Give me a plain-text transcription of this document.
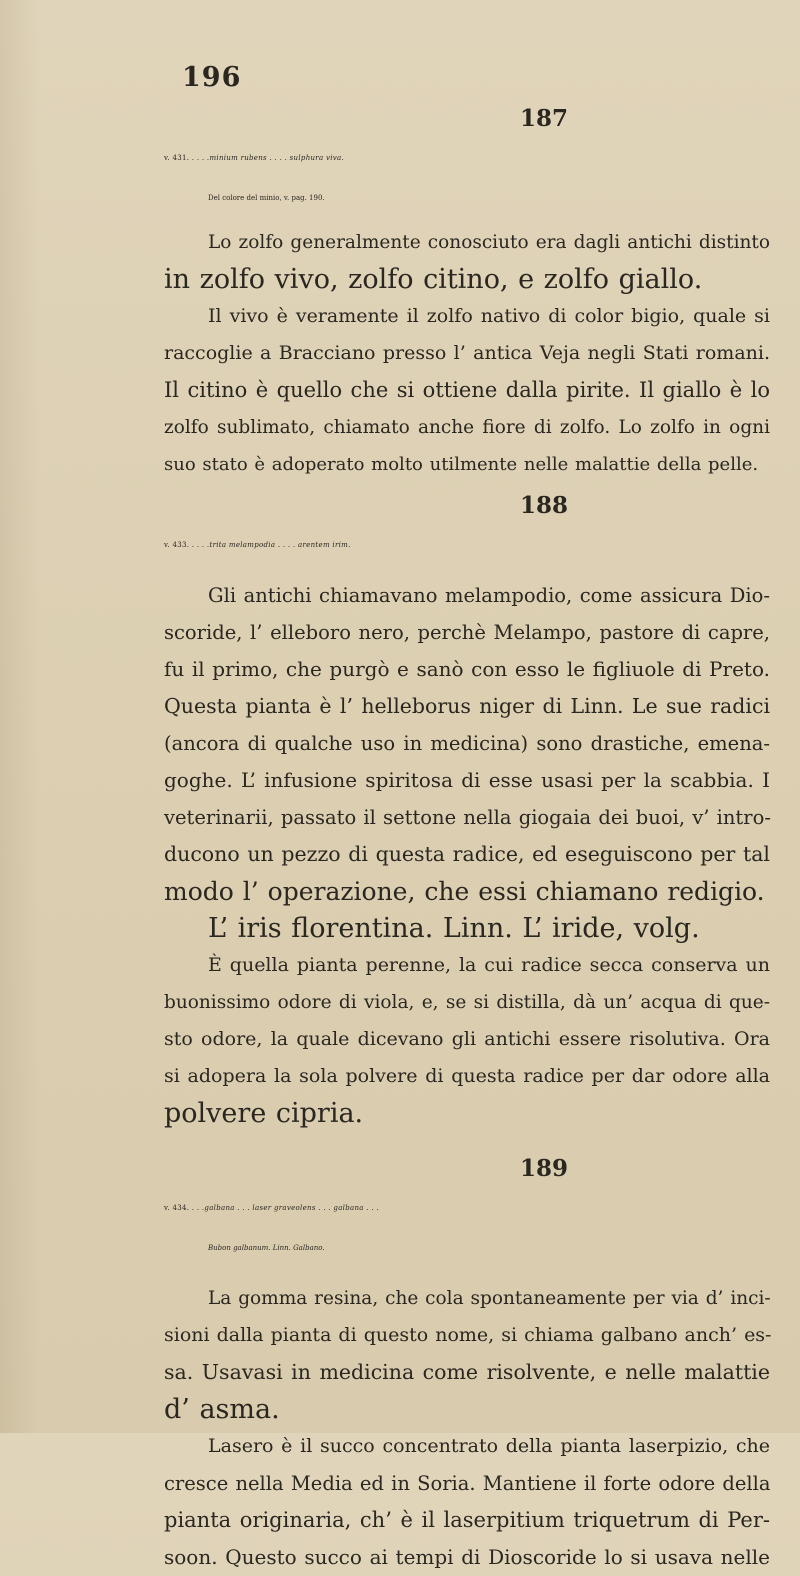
196
187
v. 431. . . . .minium rubens . . . . sulphura viva.
Del colore del minio, v. pag. 190.
Lo zolfo generalmente conosciuto era dagli antichi distinto
in zolfo vivo, zolfo citino, e zolfo giallo.
Il vivo è veramente il zolfo nativo di color bigio, quale si
raccoglie a Bracciano presso l’ antica Veja negli Stati romani.
Il citino è quello che si ottiene dalla pirite. Il giallo è lo
zolfo sublimato, chiamato anche fiore di zolfo. Lo zolfo in ogni
suo stato è adoperato molto utilmente nelle malattie della pelle.
188
v. 433. . . . .trita melampodia . . . . arentem irim.
Gli antichi chiamavano melampodio, come assicura Dio-
scoride, l’ elleboro nero, perchè Melampo, pastore di capre,
fu il primo, che purgò e sanò con esso le figliuole di Preto.
Questa pianta è l’ helleborus niger di Linn. Le sue radici
(ancora di qualche uso in medicina) sono drastiche, emena-
goghe. L’ infusione spiritosa di esse usasi per la scabbia. I
veterinarii, passato il settone nella giogaia dei buoi, v’ intro-
ducono un pezzo di questa radice, ed eseguiscono per tal
modo l’ operazione, che essi chiamano redigio.
L’ iris florentina. Linn. L’ iride, volg.
È quella pianta perenne, la cui radice secca conserva un
buonissimo odore di viola, e, se si distilla, dà un’ acqua di que-
sto odore, la quale dicevano gli antichi essere risolutiva. Ora
si adopera la sola polvere di questa radice per dar odore alla
polvere cipria.
189
v. 434. . . .galbana . . . laser graveolens . . . galbana . . .
Bubon galbanum. Linn. Galbano.
La gomma resina, che cola spontaneamente per via d’ inci-
sioni dalla pianta di questo nome, si chiama galbano anch’ es-
sa. Usavasi in medicina come risolvente, e nelle malattie
d’ asma.
Lasero è il succo concentrato della pianta laserpizio, che
cresce nella Media ed in Soria. Mantiene il forte odore della
pianta originaria, ch’ è il laserpitium triquetrum di Per-
soon. Questo succo ai tempi di Dioscoride lo si usava nelle
